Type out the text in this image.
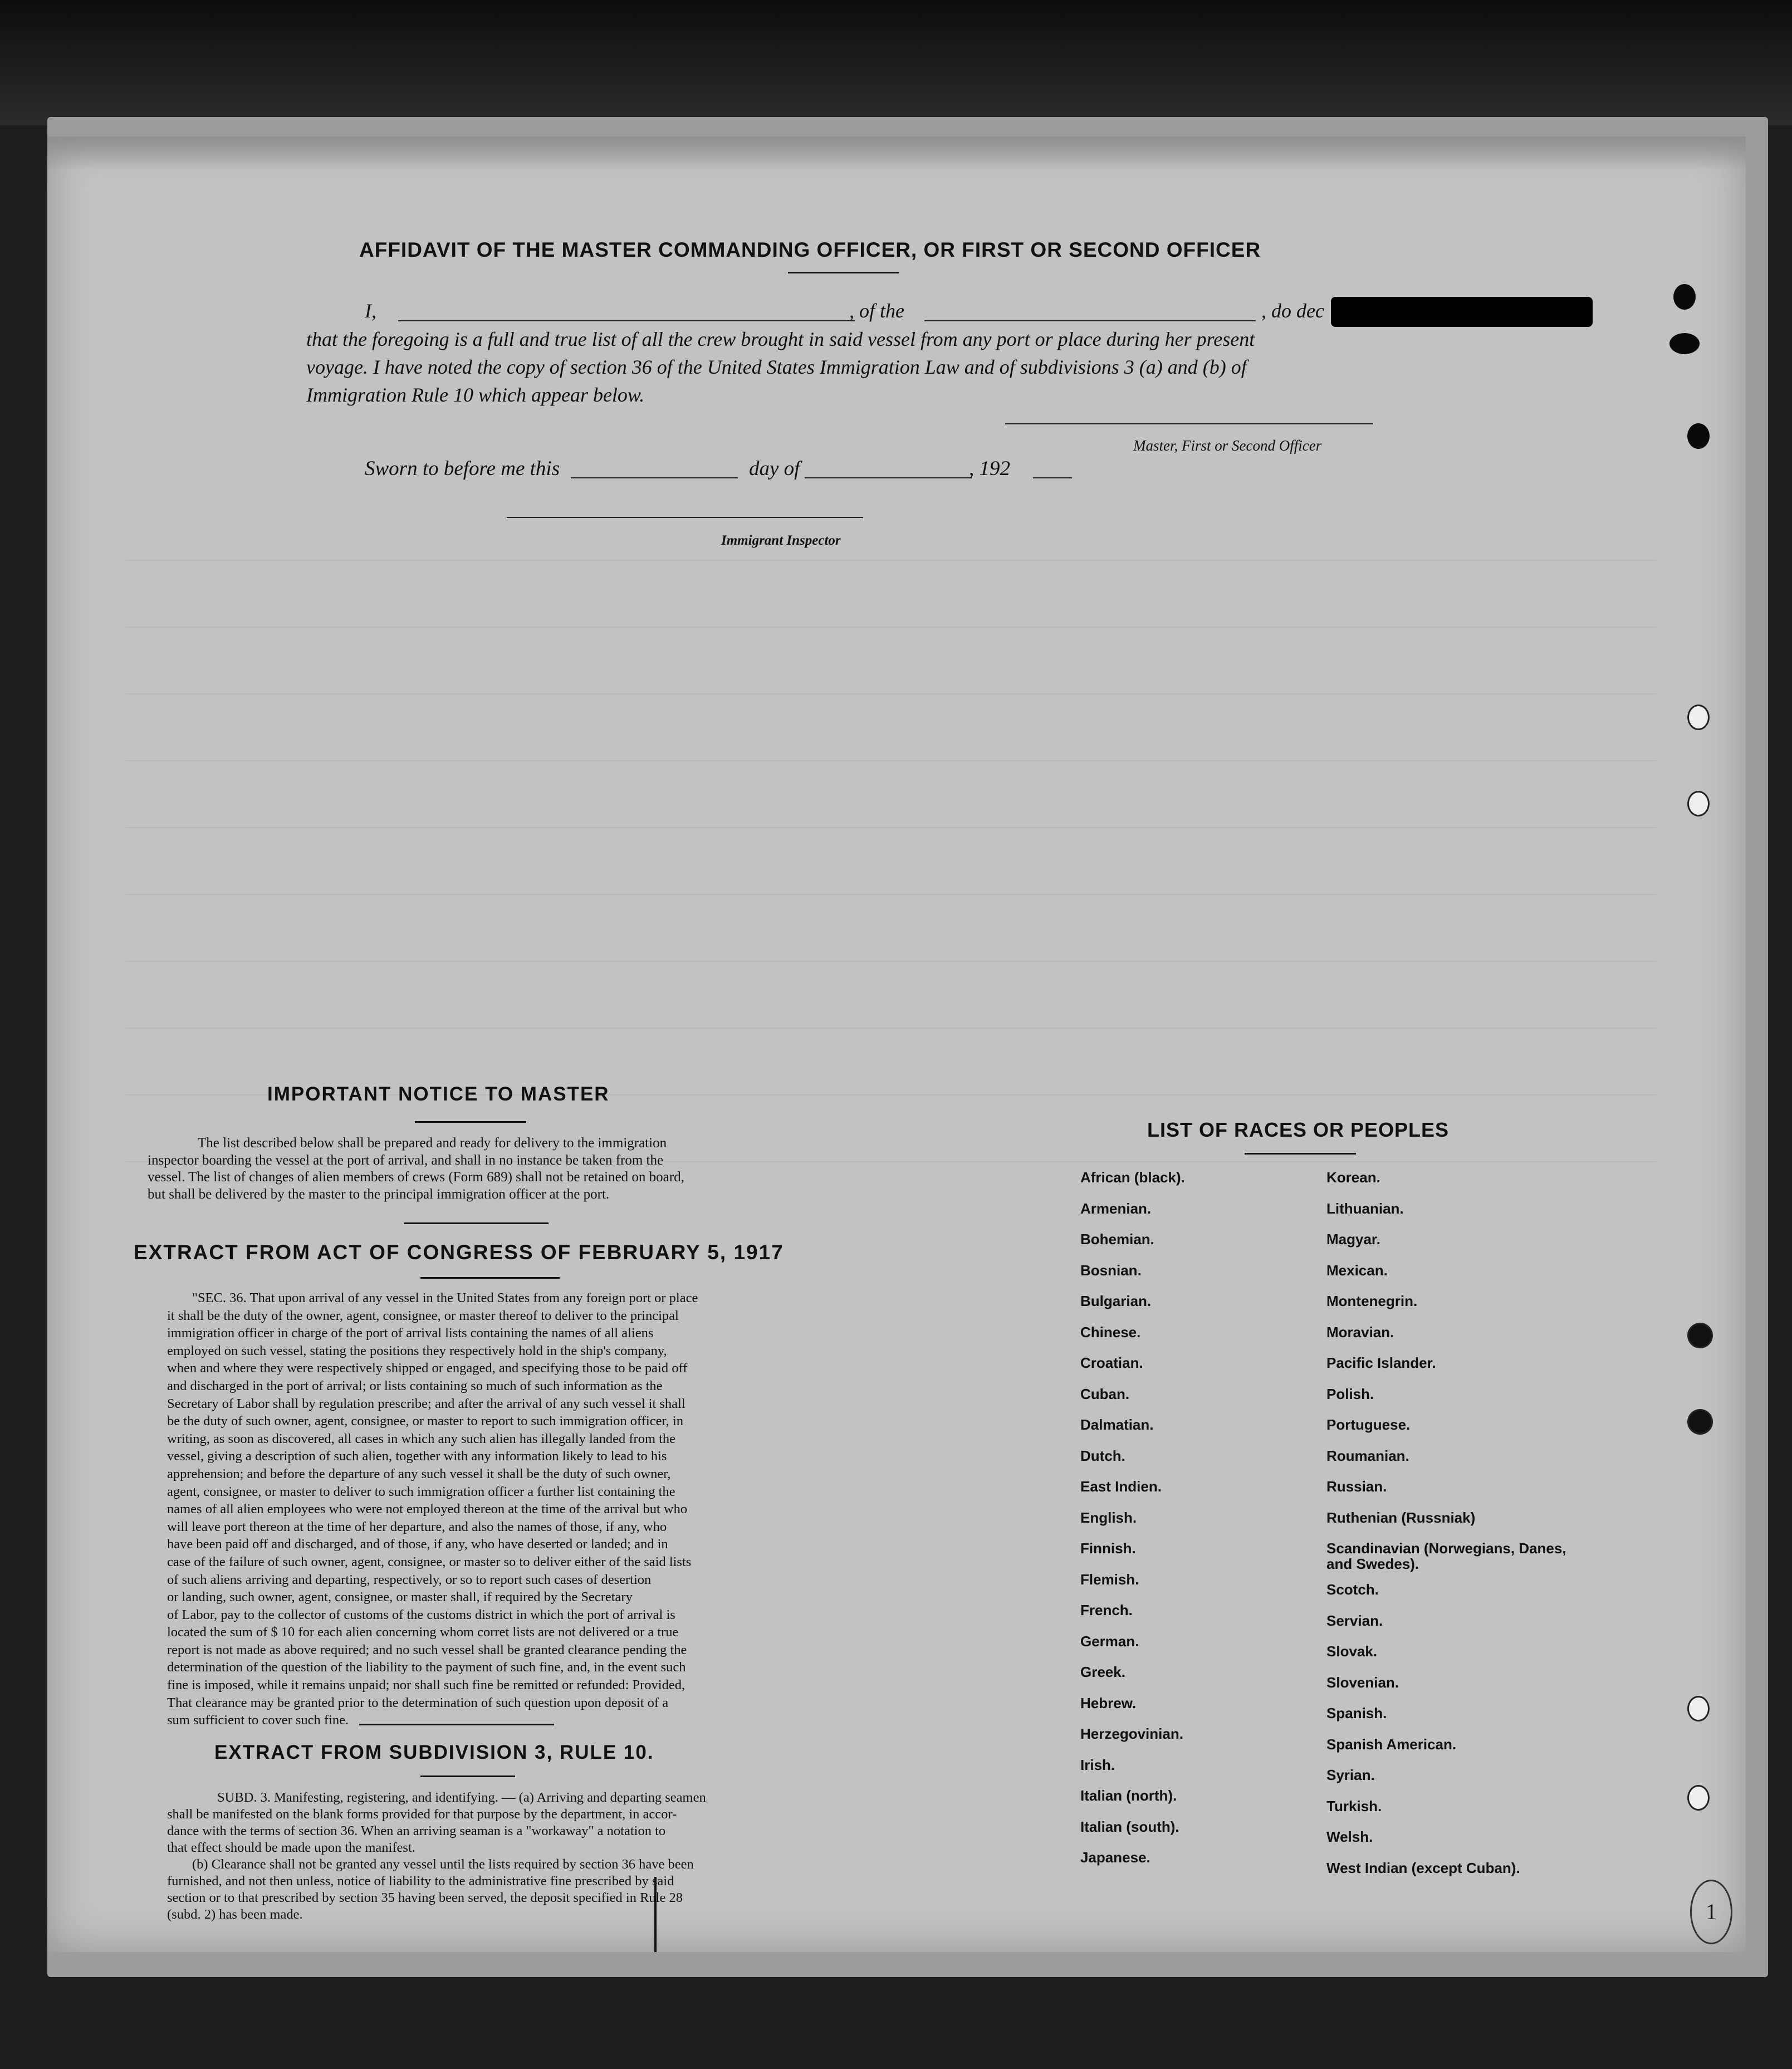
AFFIDAVIT OF THE MASTER COMMANDING OFFICER, OR FIRST OR SECOND OFFICER
I,	, of the	, do dec
that the foregoing is a full and true list of all the crew brought in said vessel from any port or place during her present
voyage. I have noted the copy of section 36 of the United States Immigration Law and of subdivisions 3 (a) and (b) of
Immigration Rule 10 which appear below.
Master, First or Second Officer
Sworn to before me this	day of	, 192
Immigrant Inspector
IMPORTANT NOTICE TO MASTER

The list described below shall be prepared and ready for delivery to the immigration

inspector boarding the vessel at the port of arrival, and shall in no instance be taken from the

vessel. The list of changes of alien members of crews (Form 689) shall not be retained on board,

but shall be delivered by the master to the principal immigration officer at the port.

EXTRACT FROM ACT OF CONGRESS OF FEBRUARY 5, 1917

"SEC. 36. That upon arrival of any vessel in the United States from any foreign port or place

it shall be the duty of the owner, agent, consignee, or master thereof to deliver to the principal

immigration officer in charge of the port of arrival lists containing the names of all aliens

employed on such vessel, stating the positions they respectively hold in the ship's company,

when and where they were respectively shipped or engaged, and specifying those to be paid off

and discharged in the port of arrival; or lists containing so much of such information as the

Secretary of Labor shall by regulation prescribe; and after the arrival of any such vessel it shall

be the duty of such owner, agent, consignee, or master to report to such immigration officer, in

writing, as soon as discovered, all cases in which any such alien has illegally landed from the

vessel, giving a description of such alien, together with any information likely to lead to his

apprehension; and before the departure of any such vessel it shall be the duty of such owner,

agent, consignee, or master to deliver to such immigration officer a further list containing the

names of all alien employees who were not employed thereon at the time of the arrival but who

will leave port thereon at the time of her departure, and also the names of those, if any, who

have been paid off and discharged, and of those, if any, who have deserted or landed; and in

case of the failure of such owner, agent, consignee, or master so to deliver either of the said lists

of such aliens arriving and departing, respectively, or so to report such cases of desertion

or landing, such owner, agent, consignee, or master shall, if required by the Secretary

of Labor, pay to the collector of customs of the customs district in which the port of arrival is

located the sum of $ 10 for each alien concerning whom corret lists are not delivered or a true

report is not made as above required; and no such vessel shall be granted clearance pending the

determination of the question of the liability to the payment of such fine, and, in the event such

fine is imposed, while it remains unpaid; nor shall such fine be remitted or refunded: Provided,

That clearance may be granted prior to the determination of such question upon deposit of a

sum sufficient to cover such fine.

EXTRACT FROM SUBDIVISION 3, RULE 10.

SUBD. 3. Manifesting, registering, and identifying. — (a) Arriving and departing seamen

shall be manifested on the blank forms provided for that purpose by the department, in accor-

dance with the terms of section 36. When an arriving seaman is a "workaway" a notation to

that effect should be made upon the manifest.

(b) Clearance shall not be granted any vessel until the lists required by section 36 have been

furnished, and not then unless, notice of liability to the administrative fine prescribed by said

section or to that prescribed by section 35 having been served, the deposit specified in Rule 28

(subd. 2) has been made.

LIST OF RACES OR PEOPLES
African (black).
Armenian.
Bohemian.
Bosnian.
Bulgarian.
Chinese.
Croatian.
Cuban.
Dalmatian.
Dutch.
East Indien.
English.
Finnish.
Flemish.
French.
German.
Greek.
Hebrew.
Herzegovinian.
Irish.
Italian (north).
Italian (south).
Japanese.
Korean.
Lithuanian.
Magyar.
Mexican.
Montenegrin.
Moravian.
Pacific Islander.
Polish.
Portuguese.
Roumanian.
Russian.
Ruthenian (Russniak)
Scandinavian (Norwegians, Danes, and Swedes).
Scotch.
Servian.
Slovak.
Slovenian.
Spanish.
Spanish American.
Syrian.
Turkish.
Welsh.
West Indian (except Cuban).
1
